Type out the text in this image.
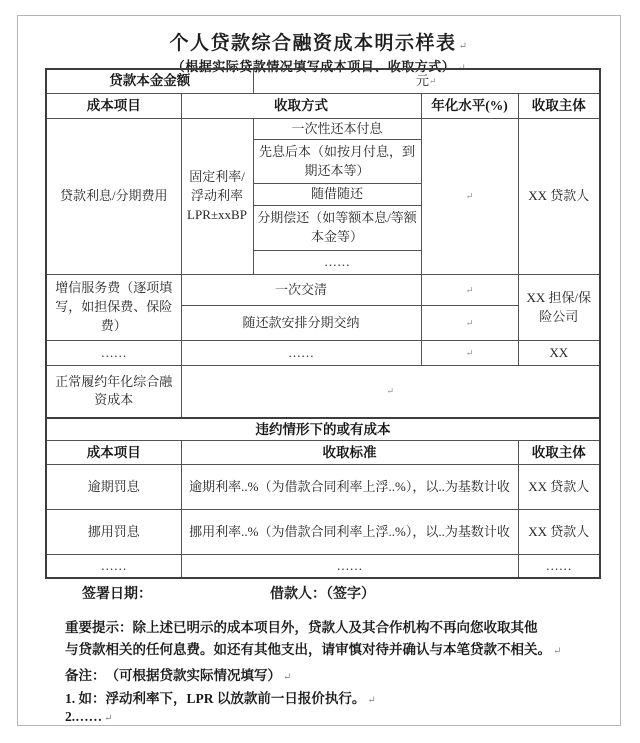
个人贷款综合融资成本明示样表 ↵
（根据实际贷款情况填写成本项目、收取方式） ↵
贷款本金金额		元↵		
成本项目	收取方式		年化水平(%)	收取主体
贷款利息/分期费用	固定利率/浮动利率 LPR±xxBP	一次性还本付息	↵	XX 贷款人
		先息后本（如按月付息，到期还本等）		
		随借随还		
		分期偿还（如等额本息/等额本金等）		
		……		
增信服务费（逐项填写，如担保费、保险费）	一次交清		↵	XX 担保/保险公司
	随还款安排分期交纳		↵	
……	……		↵	XX
正常履约年化综合融资成本	↵			
违约情形下的或有成本				
成本项目	收取标准			收取主体
逾期罚息	逾期利率..%（为借款合同利率上浮..%），以..为基数计收			XX 贷款人
挪用罚息	挪用利率..%（为借款合同利率上浮..%），以..为基数计收			XX 贷款人
……	……			……
签署日期：	借款人：（签字）
重要提示：除上述已明示的成本项目外，贷款人及其合作机构不再向您收取其他
与贷款相关的任何息费。如还有其他支出，请审慎对待并确认与本笔贷款不相关。 ↵
备注：　（可根据贷款实际情况填写） ↵
1. 如：浮动利率下，LPR 以放款前一日报价执行。 ↵
2.…… ↵
